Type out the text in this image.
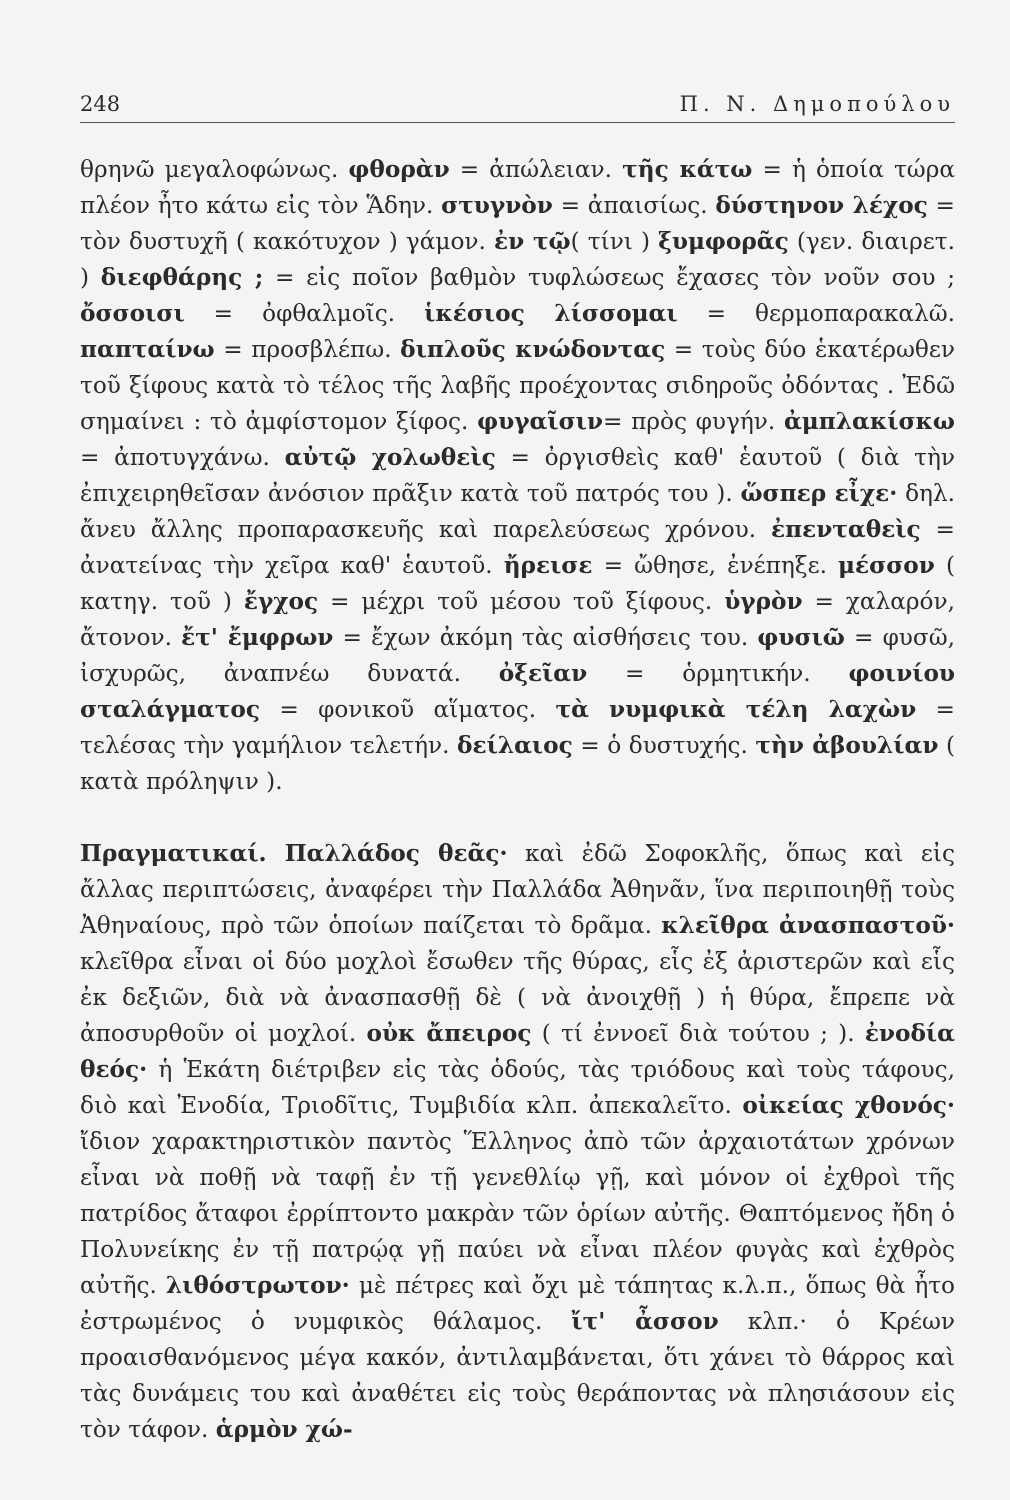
248	Π. Ν. Δημοπούλου

θρηνῶ μεγαλοφώνως. φθορὰν = ἀπώλειαν. τῆς κάτω = ἡ ὁποία τώρα πλέον ἦτο κάτω εἰς τὸν Ἅδην. στυγνὸν = ἀπαισίως. δύστηνον λέχος = τὸν δυστυχῆ ( κακότυχον ) γάμον. ἐν τῷ( τίνι ) ξυμφορᾶς (γεν. διαιρετ. ) διεφθάρης ; = εἰς ποῖον βαθμὸν τυφλώσεως ἔχασες τὸν νοῦν σου ; ὄσσοισι = ὀφθαλμοῖς. ἱκέσιος λίσσομαι = θερμοπαρακαλῶ. παπταίνω = προσβλέπω. διπλοῦς κνώδοντας = τοὺς δύο ἑκατέρωθεν τοῦ ξίφους κατὰ τὸ τέλος τῆς λαβῆς προέχοντας σιδηροῦς ὀδόντας . Ἐδῶ σημαίνει : τὸ ἀμφίστομον ξίφος. φυγαῖσιν= πρὸς φυγήν. ἀμπλακίσκω = ἀποτυγχάνω. αὐτῷ χολωθεὶς = ὀργισθεὶς καθ' ἑαυτοῦ ( διὰ τὴν ἐπιχειρηθεῖσαν ἀνόσιον πρᾶξιν κατὰ τοῦ πατρός του ). ὥσπερ εἶχε· δηλ. ἄνευ ἄλλης προπαρασκευῆς καὶ παρελεύσεως χρόνου. ἐπενταθεὶς = ἀνατείνας τὴν χεῖρα καθ' ἑαυτοῦ. ἤρεισε = ὤθησε, ἐνέπηξε. μέσσον ( κατηγ. τοῦ ) ἔγχος = μέχρι τοῦ μέσου τοῦ ξίφους. ὑγρὸν = χαλαρόν, ἄτονον. ἔτ' ἔμφρων = ἔχων ἀκόμη τὰς αἰσθήσεις του. φυσιῶ = φυσῶ, ἰσχυρῶς, ἀναπνέω δυνατά. ὀξεῖαν = ὁρμητικήν. φοινίου σταλάγματος = φονικοῦ αἵματος. τὰ νυμφικὰ τέλη λαχὼν = τελέσας τὴν γαμήλιον τελετήν. δείλαιος = ὁ δυστυχής. τὴν ἀβουλίαν ( κατὰ πρόληψιν ).

Πραγματικαί. Παλλάδος θεᾶς· καὶ ἐδῶ Σοφοκλῆς, ὅπως καὶ εἰς ἄλλας περιπτώσεις, ἀναφέρει τὴν Παλλάδα Ἀθηνᾶν, ἵνα περιποιηθῇ τοὺς Ἀθηναίους, πρὸ τῶν ὁποίων παίζεται τὸ δρᾶμα. κλεῖθρα ἀνασπαστοῦ· κλεῖθρα εἶναι οἱ δύο μοχλοὶ ἔσωθεν τῆς θύρας, εἷς ἐξ ἀριστερῶν καὶ εἷς ἐκ δεξιῶν, διὰ νὰ ἀνασπασθῇ δὲ ( νὰ ἀνοιχθῇ ) ἡ θύρα, ἔπρεπε νὰ ἀποσυρθοῦν οἱ μοχλοί. οὐκ ἄπειρος ( τί ἐννοεῖ διὰ τούτου ; ). ἐνοδία θεός· ἡ Ἑκάτη διέτριβεν εἰς τὰς ὁδούς, τὰς τριόδους καὶ τοὺς τάφους, διὸ καὶ Ἐνοδία, Τριοδῖτις, Τυμβιδία κλπ. ἀπεκαλεῖτο. οἰκείας χθονός· ἴδιον χαρακτηριστικὸν παντὸς Ἕλληνος ἀπὸ τῶν ἀρχαιοτάτων χρόνων εἶναι νὰ ποθῇ νὰ ταφῇ ἐν τῇ γενεθλίῳ γῇ, καὶ μόνον οἱ ἐχθροὶ τῆς πατρίδος ἄταφοι ἐρρίπτοντο μακρὰν τῶν ὁρίων αὐτῆς. Θαπτόμενος ἤδη ὁ Πολυνείκης ἐν τῇ πατρῴᾳ γῇ παύει νὰ εἶναι πλέον φυγὰς καὶ ἐχθρὸς αὐτῆς. λιθόστρωτον· μὲ πέτρες καὶ ὄχι μὲ τάπητας κ.λ.π., ὅπως θὰ ἦτο ἐστρωμένος ὁ νυμφικὸς θάλαμος. ἴτ' ἆσσον κλπ.· ὁ Κρέων προαισθανόμενος μέγα κακόν, ἀντιλαμβάνεται, ὅτι χάνει τὸ θάρρος καὶ τὰς δυνάμεις του καὶ ἀναθέτει εἰς τοὺς θεράποντας νὰ πλησιάσουν εἰς τὸν τάφον. ἁρμὸν χώ-
